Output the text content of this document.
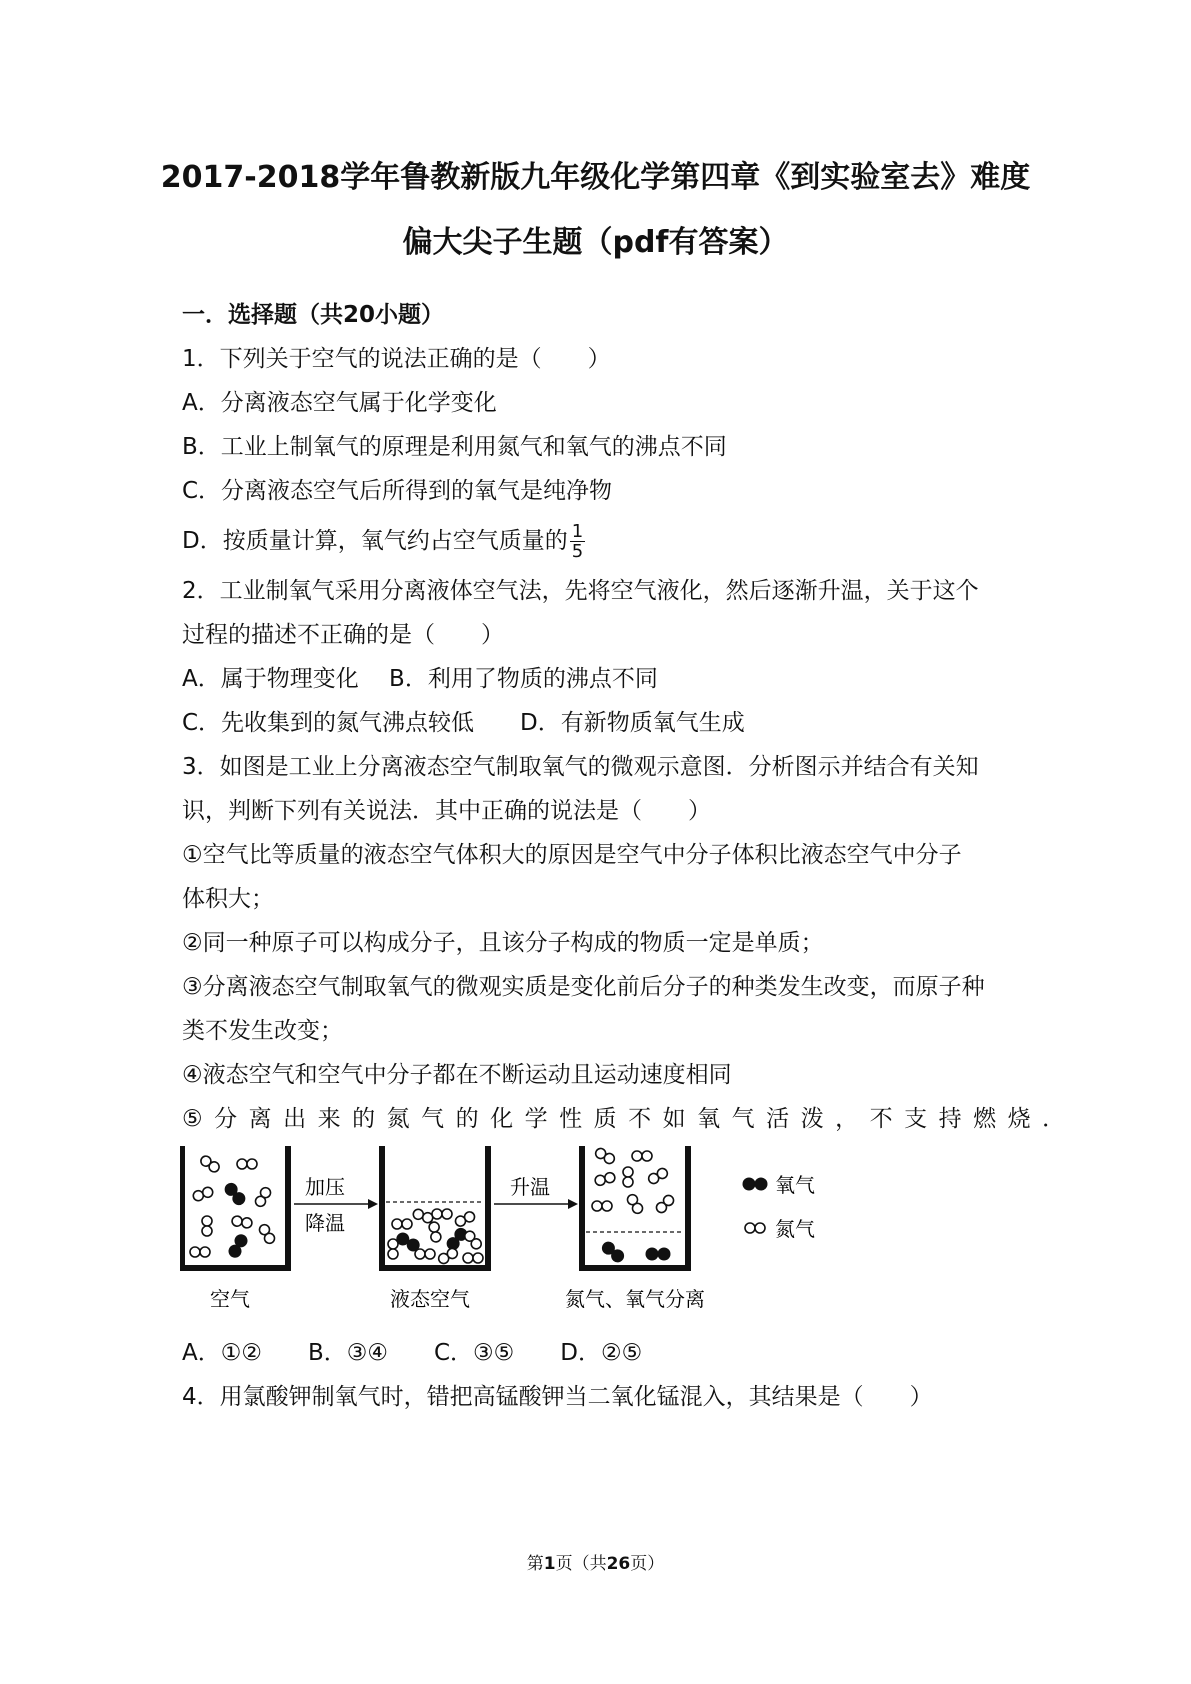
2017-2018学年鲁教新版九年级化学第四章《到实验室去》难度
偏大尖子生题（pdf有答案）
一．选择题（共20小题）
1．下列关于空气的说法正确的是（　　）
A．分离液态空气属于化学变化
B．工业上制氧气的原理是利用氮气和氧气的沸点不同
C．分离液态空气后所得到的氧气是纯净物
D．按质量计算，氧气约占空气质量的 $\frac{1}{5}$
2．工业制氧气采用分离液体空气法，先将空气液化，然后逐渐升温，关于这个
过程的描述不正确的是（　　）
A．属于物理变化　 B．利用了物质的沸点不同
C．先收集到的氮气沸点较低　　D．有新物质氧气生成
3．如图是工业上分离液态空气制取氧气的微观示意图．分析图示并结合有关知
识，判断下列有关说法．其中正确的说法是（　　）
①空气比等质量的液态空气体积大的原因是空气中分子体积比液态空气中分子
体积大；
②同一种原子可以构成分子，且该分子构成的物质一定是单质；
③分离液态空气制取氧气的微观实质是变化前后分子的种类发生改变，而原子种
类不发生改变；
④液态空气和空气中分子都在不断运动且运动速度相同
⑤分离出来的氮气的化学性质不如氧气活泼，不支持燃烧．
加压
降温
升温	氧气
氮气
空气	液态空气	氮气、氧气分离
A．①②　　B．③④　　C．③⑤　　D．②⑤
4．用氯酸钾制氧气时，错把高锰酸钾当二氧化锰混入，其结果是（　　）
第1页（共26页）
